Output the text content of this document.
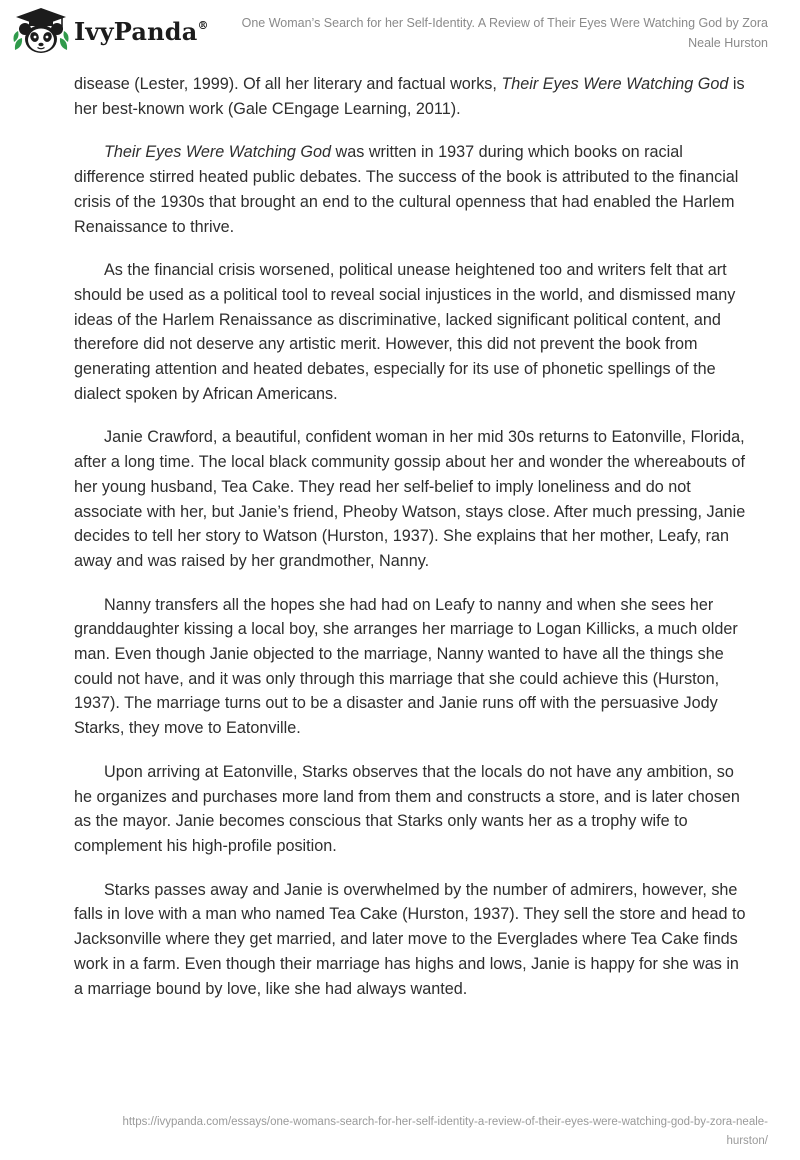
IvyPanda®	One Woman’s Search for her Self-Identity. A Review of Their Eyes Were Watching God by Zora
Neale Hurston

disease (Lester, 1999). Of all her literary and factual works, Their Eyes Were Watching God is her best-known work (Gale CEngage Learning, 2011).

Their Eyes Were Watching God was written in 1937 during which books on racial difference stirred heated public debates. The success of the book is attributed to the financial crisis of the 1930s that brought an end to the cultural openness that had enabled the Harlem Renaissance to thrive.

As the financial crisis worsened, political unease heightened too and writers felt that art should be used as a political tool to reveal social injustices in the world, and dismissed many ideas of the Harlem Renaissance as discriminative, lacked significant political content, and therefore did not deserve any artistic merit. However, this did not prevent the book from generating attention and heated debates, especially for its use of phonetic spellings of the dialect spoken by African Americans.

Janie Crawford, a beautiful, confident woman in her mid 30s returns to Eatonville, Florida, after a long time. The local black community gossip about her and wonder the whereabouts of her young husband, Tea Cake. They read her self-belief to imply loneliness and do not associate with her, but Janie’s friend, Pheoby Watson, stays close. After much pressing, Janie decides to tell her story to Watson (Hurston, 1937). She explains that her mother, Leafy, ran away and was raised by her grandmother, Nanny.

Nanny transfers all the hopes she had had on Leafy to nanny and when she sees her granddaughter kissing a local boy, she arranges her marriage to Logan Killicks, a much older man. Even though Janie objected to the marriage, Nanny wanted to have all the things she could not have, and it was only through this marriage that she could achieve this (Hurston, 1937). The marriage turns out to be a disaster and Janie runs off with the persuasive Jody Starks, they move to Eatonville.

Upon arriving at Eatonville, Starks observes that the locals do not have any ambition, so he organizes and purchases more land from them and constructs a store, and is later chosen as the mayor. Janie becomes conscious that Starks only wants her as a trophy wife to complement his high-profile position.

Starks passes away and Janie is overwhelmed by the number of admirers, however, she falls in love with a man who named Tea Cake (Hurston, 1937). They sell the store and head to Jacksonville where they get married, and later move to the Everglades where Tea Cake finds work in a farm. Even though their marriage has highs and lows, Janie is happy for she was in a marriage bound by love, like she had always wanted.

https://ivypanda.com/essays/one-womans-search-for-her-self-identity-a-review-of-their-eyes-were-watching-god-by-zora-neale-
hurston/
